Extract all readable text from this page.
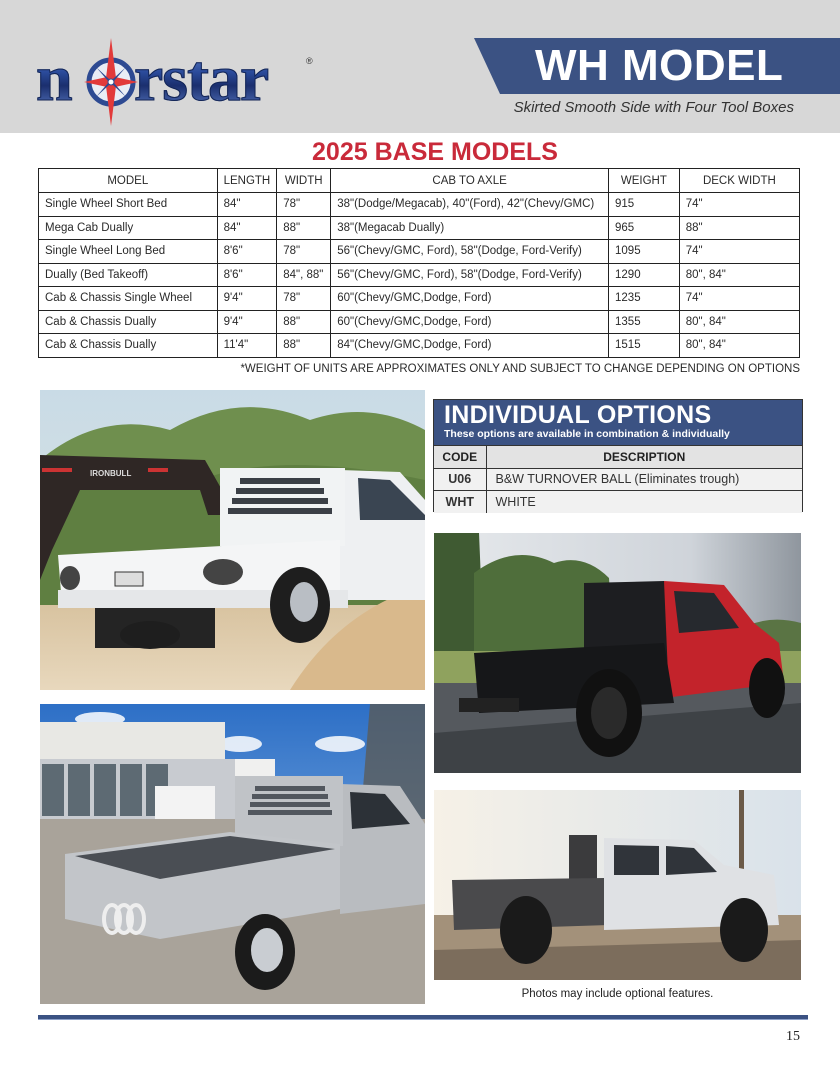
n rstar	®	WH MODEL
Skirted Smooth Side with Four Tool Boxes
2025 BASE MODELS
MODEL	LENGTH	WIDTH	CAB TO AXLE	WEIGHT	DECK WIDTH
Single Wheel Short Bed	84"	78"	38"(Dodge/Megacab), 40"(Ford), 42"(Chevy/GMC)	915	74"
Mega Cab Dually	84"	88"	38"(Megacab Dually)	965	88"
Single Wheel Long Bed	8'6"	78"	56"(Chevy/GMC, Ford), 58"(Dodge, Ford-Verify)	1095	74"
Dually (Bed Takeoff)	8'6"	84", 88"	56"(Chevy/GMC, Ford), 58"(Dodge, Ford-Verify)	1290	80", 84"
Cab & Chassis Single Wheel	9'4"	78"	60"(Chevy/GMC,Dodge, Ford)	1235	74"
Cab & Chassis Dually	9'4"	88"	60"(Chevy/GMC,Dodge, Ford)	1355	80", 84"
Cab & Chassis Dually	11'4"	88"	84"(Chevy/GMC,Dodge, Ford)	1515	80", 84"
*WEIGHT OF UNITS ARE APPROXIMATES ONLY AND SUBJECT TO CHANGE DEPENDING ON OPTIONS
IRONBULL
INDIVIDUAL OPTIONS
These options are available in combination & individually
CODE	DESCRIPTION
U06	B&W TURNOVER BALL (Eliminates trough)
WHT	WHITE
Photos may include optional features.
15
